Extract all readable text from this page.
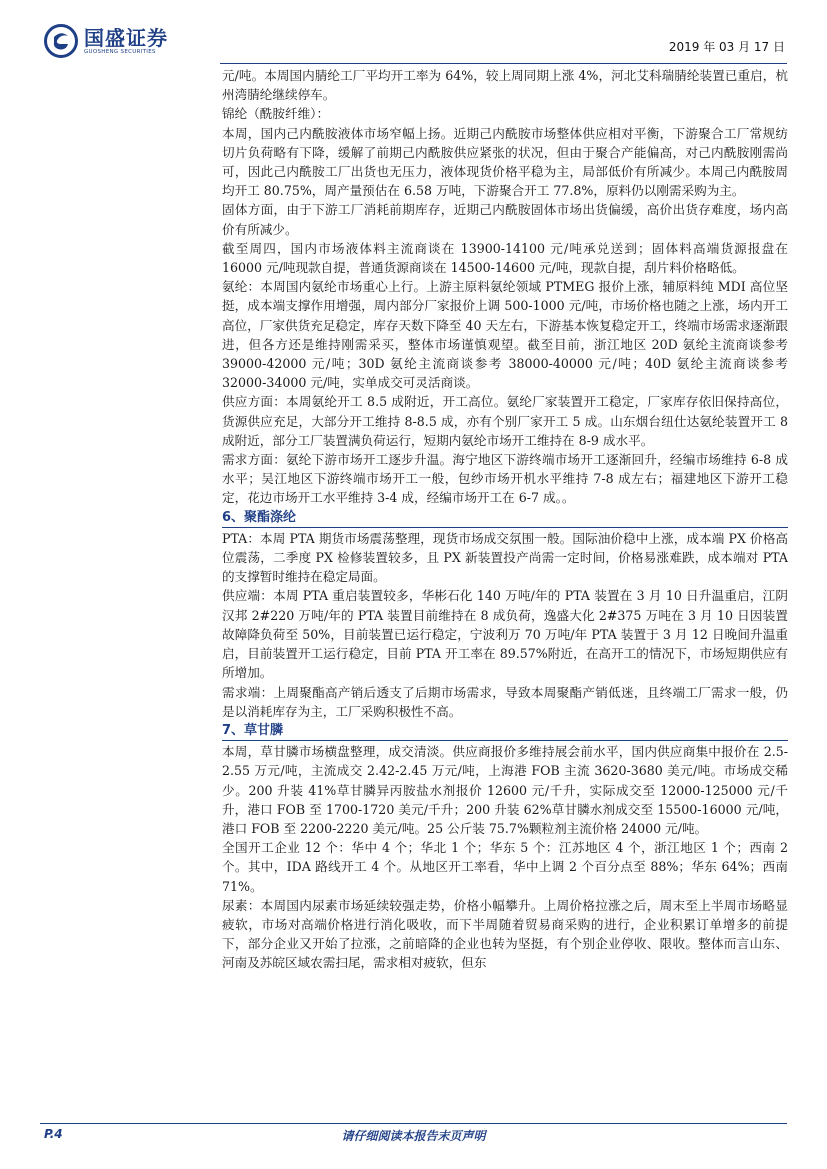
国盛证券
GUOSHENG SECURITIES	2019 年 03 月 17 日

元/吨。本周国内腈纶工厂平均开工率为 64%，较上周同期上涨 4%，河北艾科瑞腈纶装置已重启，杭州湾腈纶继续停车。

锦纶（酰胺纤维）：

本周，国内己内酰胺液体市场窄幅上扬。近期己内酰胺市场整体供应相对平衡，下游聚合工厂常规纺切片负荷略有下降，缓解了前期己内酰胺供应紧张的状况，但由于聚合产能偏高，对己内酰胺刚需尚可，因此己内酰胺工厂出货也无压力，液体现货价格平稳为主，局部低价有所减少。本周己内酰胺周均开工 80.75%，周产量预估在 6.58 万吨，下游聚合开工 77.8%，原料仍以刚需采购为主。

固体方面，由于下游工厂消耗前期库存，近期己内酰胺固体市场出货偏缓，高价出货存难度，场内高价有所减少。

截至周四，国内市场液体料主流商谈在 13900-14100 元/吨承兑送到；固体料高端货源报盘在 16000 元/吨现款自提，普通货源商谈在 14500-14600 元/吨，现款自提，刮片料价格略低。

氨纶：本周国内氨纶市场重心上行。上游主原料氨纶领域 PTMEG 报价上涨，辅原料纯 MDI 高位坚挺，成本端支撑作用增强，周内部分厂家报价上调 500-1000 元/吨，市场价格也随之上涨，场内开工高位，厂家供货充足稳定，库存天数下降至 40 天左右，下游基本恢复稳定开工，终端市场需求逐渐跟进，但各方还是维持刚需采买，整体市场谨慎观望。截至目前，浙江地区 20D 氨纶主流商谈参考 39000-42000 元/吨；30D 氨纶主流商谈参考 38000-40000 元/吨；40D 氨纶主流商谈参考 32000-34000 元/吨，实单成交可灵活商谈。

供应方面：本周氨纶开工 8.5 成附近，开工高位。氨纶厂家装置开工稳定，厂家库存依旧保持高位，货源供应充足，大部分开工维持 8-8.5 成，亦有个别厂家开工 5 成。山东烟台纽仕达氨纶装置开工 8 成附近，部分工厂装置满负荷运行，短期内氨纶市场开工维持在 8-9 成水平。

需求方面：氨纶下游市场开工逐步升温。海宁地区下游终端市场开工逐渐回升，经编市场维持 6-8 成水平；吴江地区下游终端市场开工一般，包纱市场开机水平维持 7-8 成左右；福建地区下游开工稳定，花边市场开工水平维持 3-4 成，经编市场开工在 6-7 成。。

6、聚酯涤纶

PTA：本周 PTA 期货市场震荡整理，现货市场成交氛围一般。国际油价稳中上涨，成本端 PX 价格高位震荡，二季度 PX 检修装置较多，且 PX 新装置投产尚需一定时间，价格易涨难跌，成本端对 PTA 的支撑暂时维持在稳定局面。

供应端：本周 PTA 重启装置较多，华彬石化 140 万吨/年的 PTA 装置在 3 月 10 日升温重启，江阴汉邦 2#220 万吨/年的 PTA 装置目前维持在 8 成负荷，逸盛大化 2#375 万吨在 3 月 10 日因装置故障降负荷至 50%，目前装置已运行稳定，宁波利万 70 万吨/年 PTA 装置于 3 月 12 日晚间升温重启，目前装置开工运行稳定，目前 PTA 开工率在 89.57%附近，在高开工的情况下，市场短期供应有所增加。

需求端：上周聚酯高产销后透支了后期市场需求，导致本周聚酯产销低迷，且终端工厂需求一般，仍是以消耗库存为主，工厂采购积极性不高。

7、草甘膦

本周，草甘膦市场横盘整理，成交清淡。供应商报价多维持展会前水平，国内供应商集中报价在 2.5-2.55 万元/吨，主流成交 2.42-2.45 万元/吨，上海港 FOB 主流 3620-3680 美元/吨。市场成交稀少。200 升装 41%草甘膦异丙胺盐水剂报价 12600 元/千升，实际成交至 12000-125000 元/千升，港口 FOB 至 1700-1720 美元/千升；200 升装 62%草甘膦水剂成交至 15500-16000 元/吨，港口 FOB 至 2200-2220 美元/吨。25 公斤装 75.7%颗粒剂主流价格 24000 元/吨。

全国开工企业 12 个：华中 4 个；华北 1 个；华东 5 个：江苏地区 4 个，浙江地区 1 个；西南 2 个。其中，IDA 路线开工 4 个。从地区开工率看，华中上调 2 个百分点至 88%；华东 64%；西南 71%。

尿素：本周国内尿素市场延续较强走势，价格小幅攀升。上周价格拉涨之后，周末至上半周市场略显疲软，市场对高端价格进行消化吸收，而下半周随着贸易商采购的进行，企业积累订单增多的前提下，部分企业又开始了拉涨，之前暗降的企业也转为坚挺，有个别企业停收、限收。整体而言山东、河南及苏皖区域农需扫尾，需求相对疲软，但东

P.4	请仔细阅读本报告末页声明
